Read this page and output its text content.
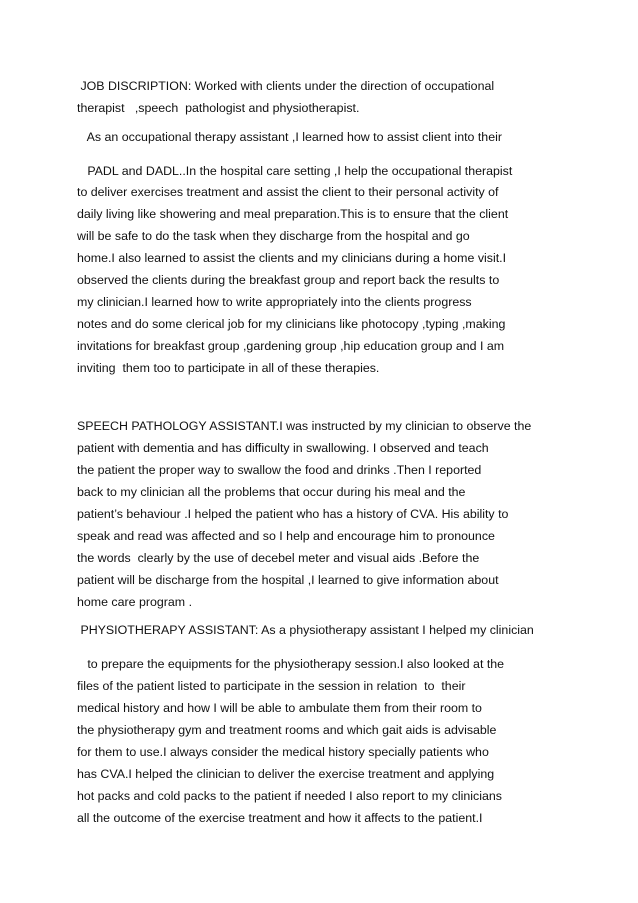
JOB DISCRIPTION: Worked with clients under the direction of occupational
therapist   ,speech  pathologist and physiotherapist.
As an occupational therapy assistant ,I learned how to assist client into their
PADL and DADL..In the hospital care setting ,I help the occupational therapist
to deliver exercises treatment and assist the client to their personal activity of
daily living like showering and meal preparation.This is to ensure that the client
will be safe to do the task when they discharge from the hospital and go
home.I also learned to assist the clients and my clinicians during a home visit.I
observed the clients during the breakfast group and report back the results to
my clinician.I learned how to write appropriately into the clients progress
notes and do some clerical job for my clinicians like photocopy ,typing ,making
invitations for breakfast group ,gardening group ,hip education group and I am
inviting  them too to participate in all of these therapies.
SPEECH PATHOLOGY ASSISTANT.I was instructed by my clinician to observe the
patient with dementia and has difficulty in swallowing. I observed and teach
the patient the proper way to swallow the food and drinks .Then I reported
back to my clinician all the problems that occur during his meal and the
patient’s behaviour .I helped the patient who has a history of CVA. His ability to
speak and read was affected and so I help and encourage him to pronounce
the words  clearly by the use of decebel meter and visual aids .Before the
patient will be discharge from the hospital ,I learned to give information about
home care program .
PHYSIOTHERAPY ASSISTANT: As a physiotherapy assistant I helped my clinician
to prepare the equipments for the physiotherapy session.I also looked at the
files of the patient listed to participate in the session in relation  to  their
medical history and how I will be able to ambulate them from their room to
the physiotherapy gym and treatment rooms and which gait aids is advisable
for them to use.I always consider the medical history specially patients who
has CVA.I helped the clinician to deliver the exercise treatment and applying
hot packs and cold packs to the patient if needed I also report to my clinicians
all the outcome of the exercise treatment and how it affects to the patient.I
